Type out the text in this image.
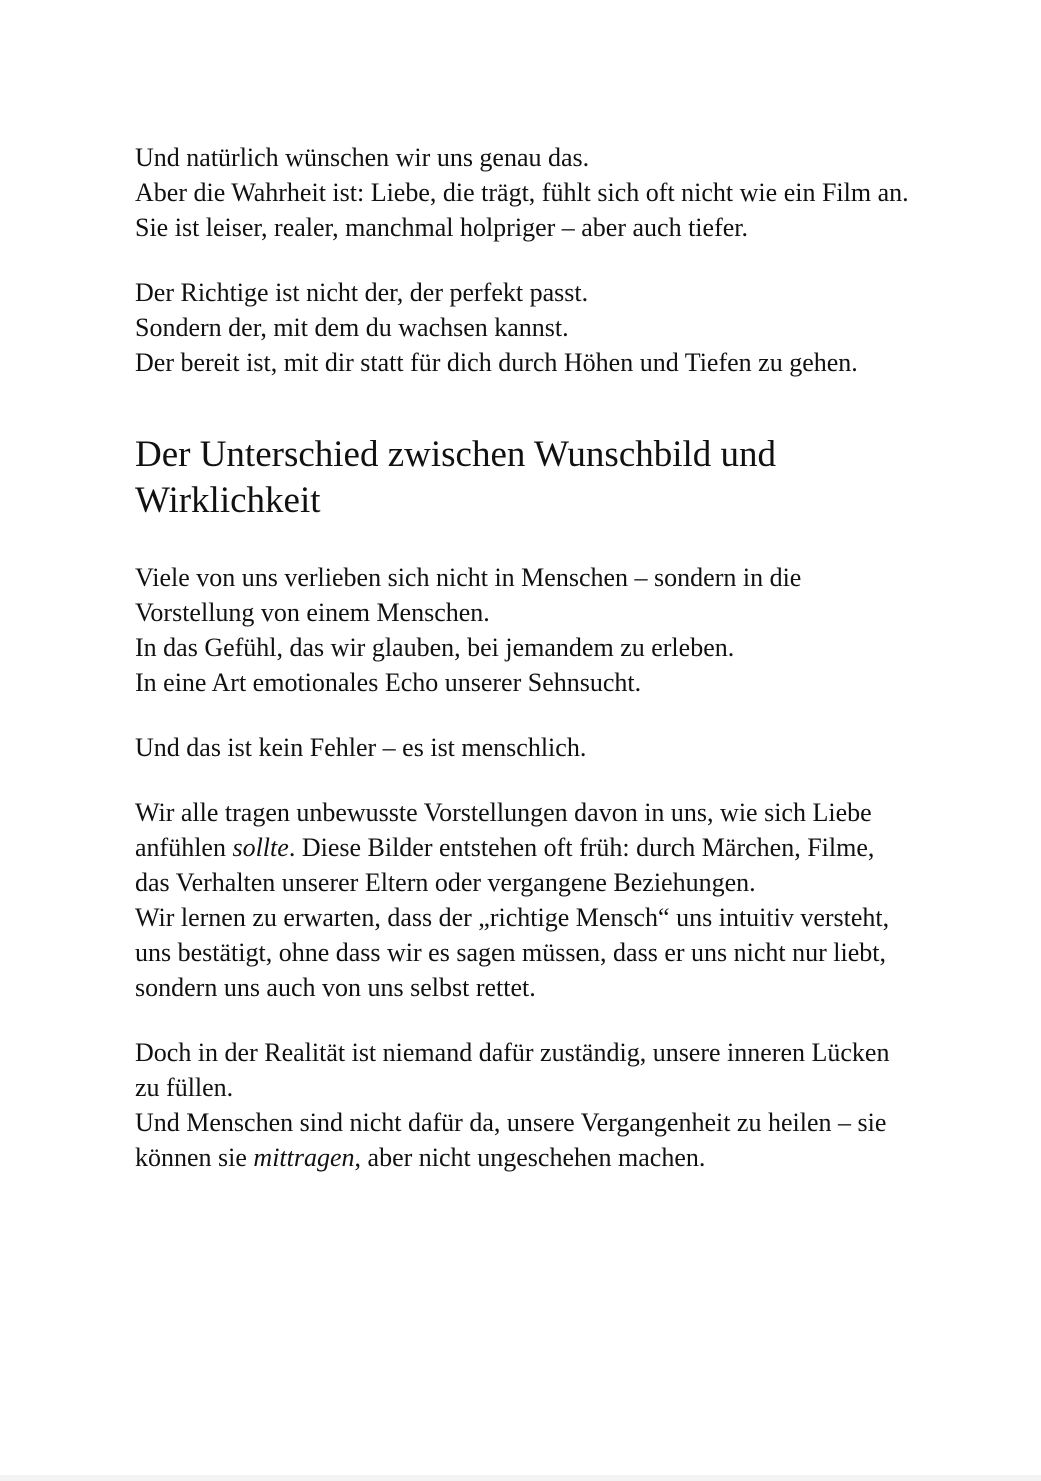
Und natürlich wünschen wir uns genau das.
Aber die Wahrheit ist: Liebe, die trägt, fühlt sich oft nicht wie ein Film an.
Sie ist leiser, realer, manchmal holpriger – aber auch tiefer.
Der Richtige ist nicht der, der perfekt passt.
Sondern der, mit dem du wachsen kannst.
Der bereit ist, mit dir statt für dich durch Höhen und Tiefen zu gehen.
Der Unterschied zwischen Wunschbild und Wirklichkeit
Viele von uns verlieben sich nicht in Menschen – sondern in die Vorstellung von einem Menschen.
In das Gefühl, das wir glauben, bei jemandem zu erleben.
In eine Art emotionales Echo unserer Sehnsucht.
Und das ist kein Fehler – es ist menschlich.
Wir alle tragen unbewusste Vorstellungen davon in uns, wie sich Liebe anfühlen sollte. Diese Bilder entstehen oft früh: durch Märchen, Filme, das Verhalten unserer Eltern oder vergangene Beziehungen.
Wir lernen zu erwarten, dass der „richtige Mensch“ uns intuitiv versteht, uns bestätigt, ohne dass wir es sagen müssen, dass er uns nicht nur liebt, sondern uns auch von uns selbst rettet.
Doch in der Realität ist niemand dafür zuständig, unsere inneren Lücken zu füllen.
Und Menschen sind nicht dafür da, unsere Vergangenheit zu heilen – sie können sie mittragen, aber nicht ungeschehen machen.
